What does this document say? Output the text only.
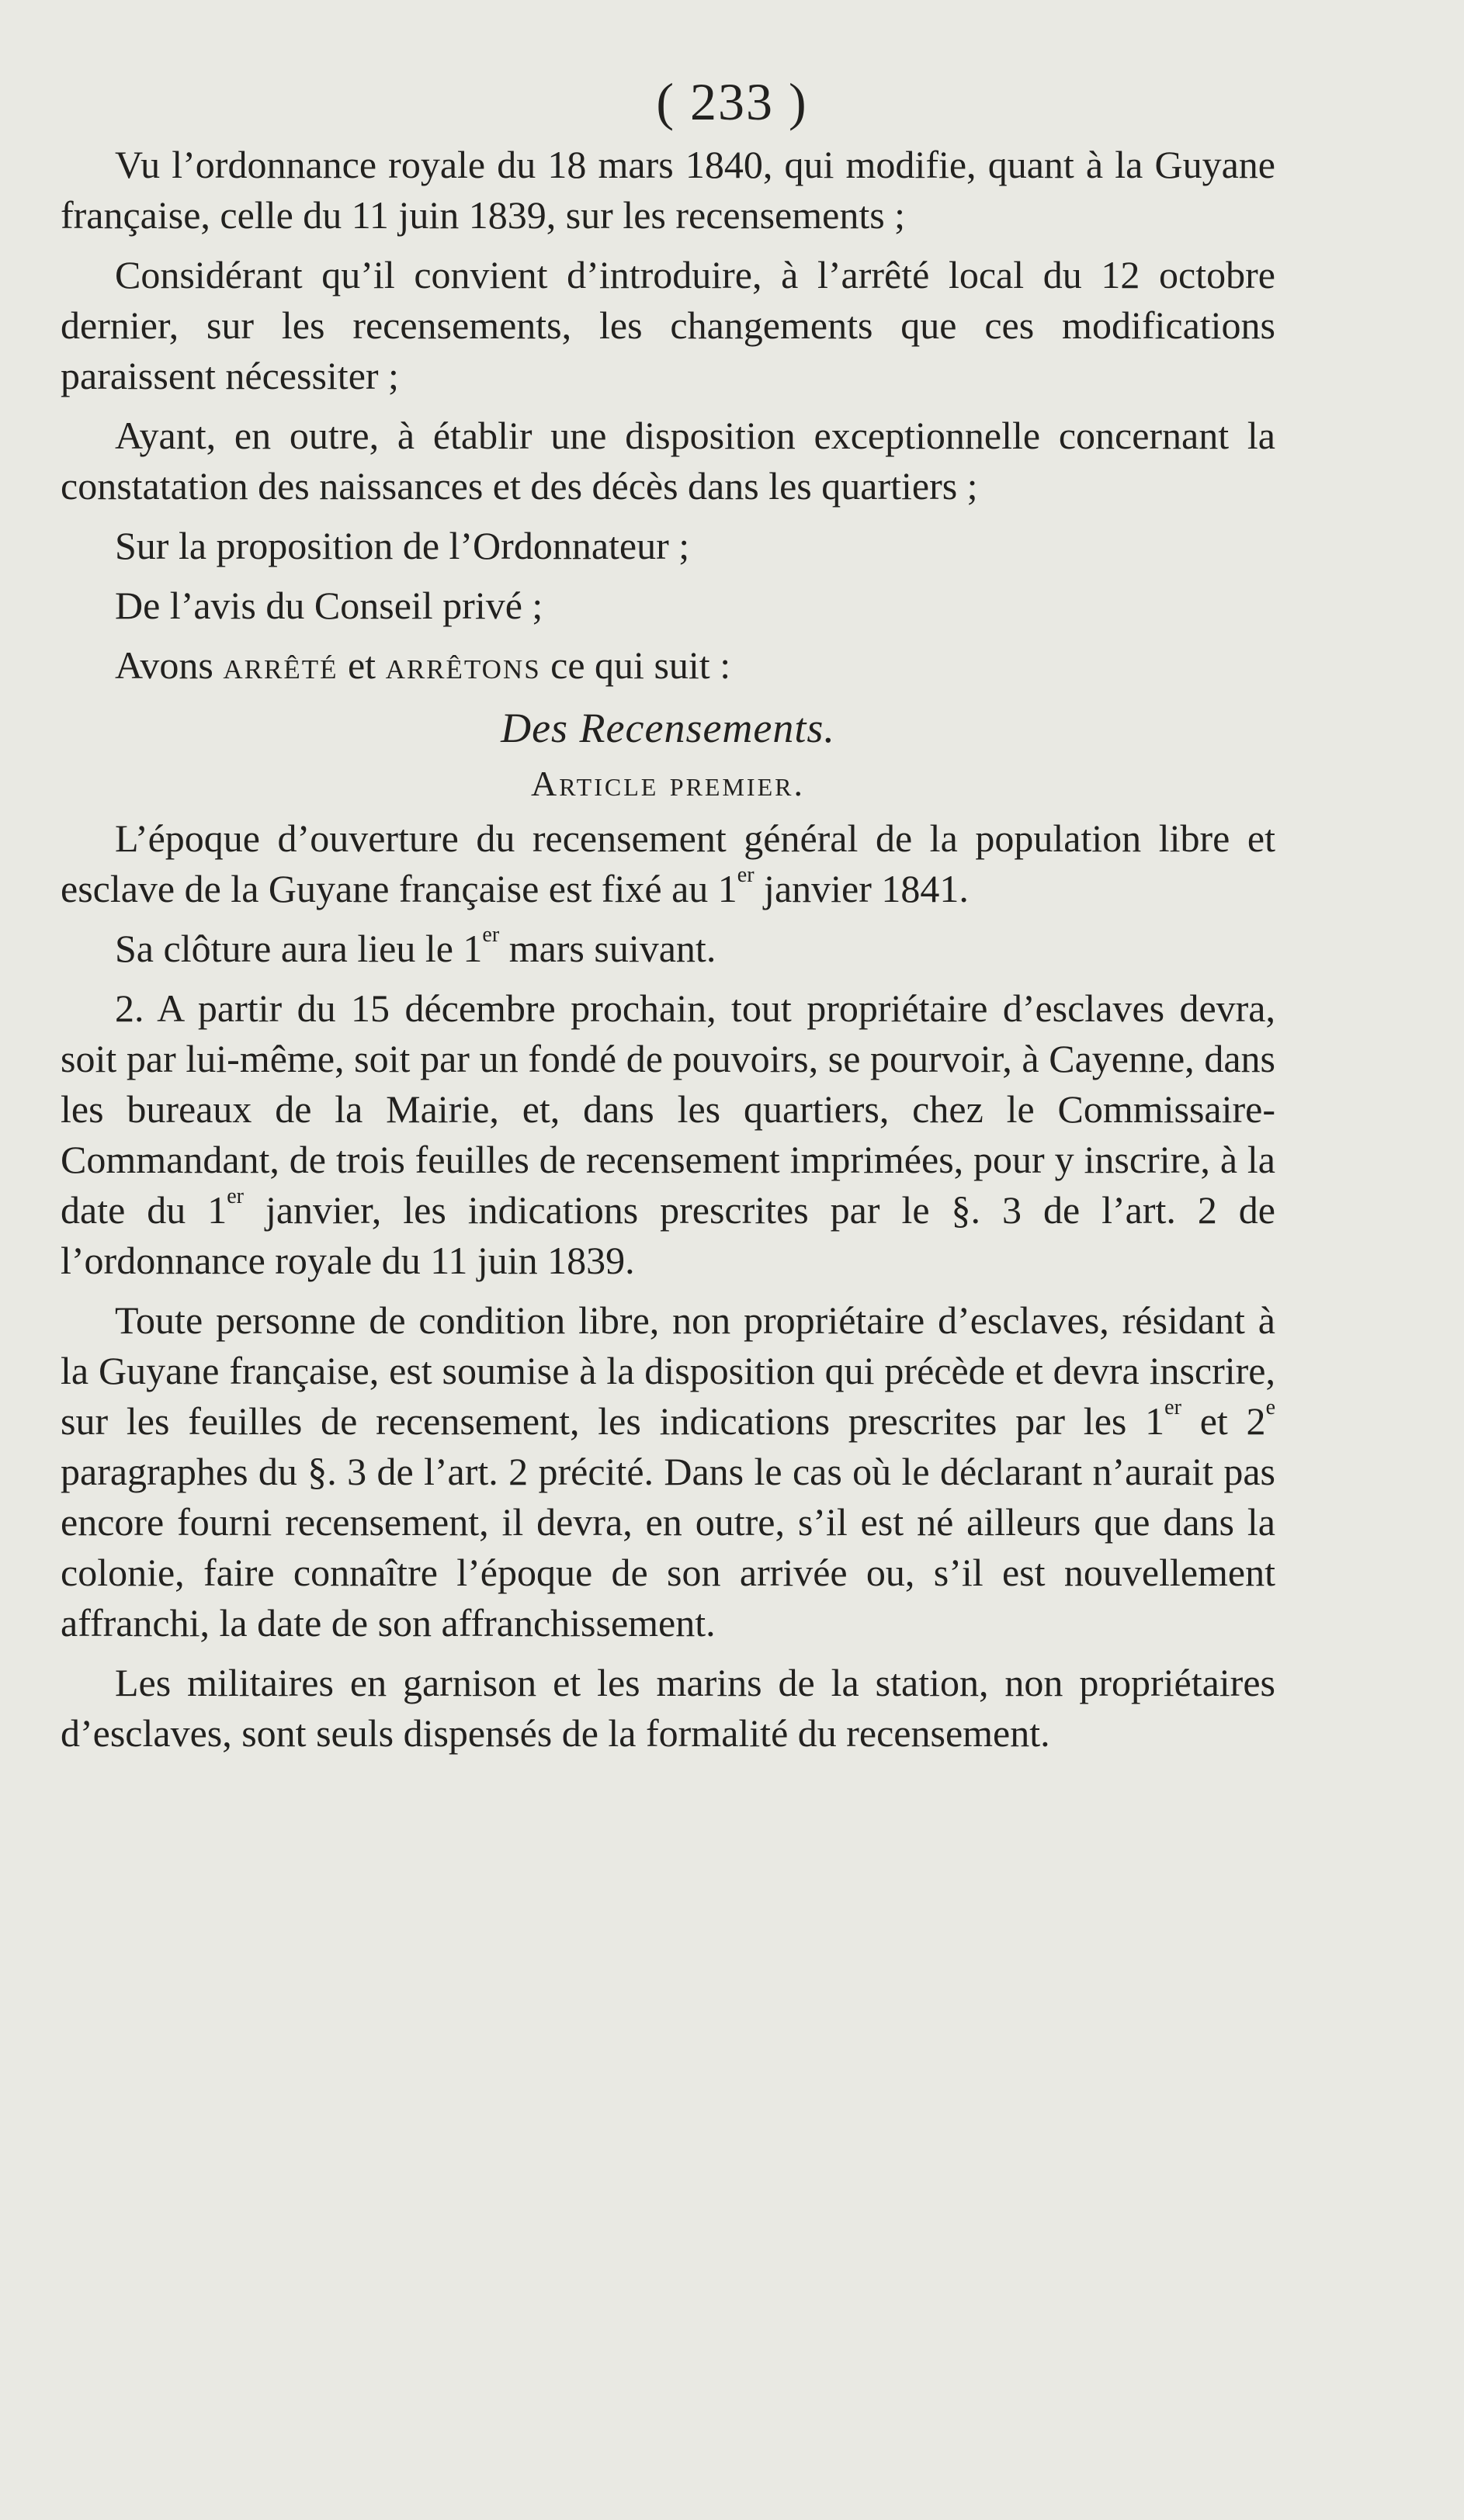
( 233 )

Vu l’ordonnance royale du 18 mars 1840, qui modifie, quant à la Guyane française, celle du 11 juin 1839, sur les recensements ;

Considérant qu’il convient d’introduire, à l’arrêté local du 12 octobre dernier, sur les recensements, les changements que ces modifications paraissent nécessiter ;

Ayant, en outre, à établir une disposition exceptionnelle concernant la constatation des naissances et des décès dans les quartiers ;

Sur la proposition de l’Ordonnateur ;

De l’avis du Conseil privé ;

Avons arrêté et arrêtons ce qui suit :

Des Recensements.
Article premier.

L’époque d’ouverture du recensement général de la population libre et esclave de la Guyane française est fixé au 1er janvier 1841.

Sa clôture aura lieu le 1er mars suivant.

2. A partir du 15 décembre prochain, tout propriétaire d’esclaves devra, soit par lui-même, soit par un fondé de pouvoirs, se pourvoir, à Cayenne, dans les bureaux de la Mairie, et, dans les quartiers, chez le Commissaire-Commandant, de trois feuilles de recensement imprimées, pour y inscrire, à la date du 1er janvier, les indications prescrites par le §. 3 de l’art. 2 de l’ordonnance royale du 11 juin 1839.

Toute personne de condition libre, non propriétaire d’esclaves, résidant à la Guyane française, est soumise à la disposition qui précède et devra inscrire, sur les feuilles de recensement, les indications prescrites par les 1er et 2e paragraphes du §. 3 de l’art. 2 précité. Dans le cas où le déclarant n’aurait pas encore fourni recensement, il devra, en outre, s’il est né ailleurs que dans la colonie, faire connaître l’époque de son arrivée ou, s’il est nouvellement affranchi, la date de son affranchissement.

Les militaires en garnison et les marins de la station, non propriétaires d’esclaves, sont seuls dispensés de la formalité du recensement.
